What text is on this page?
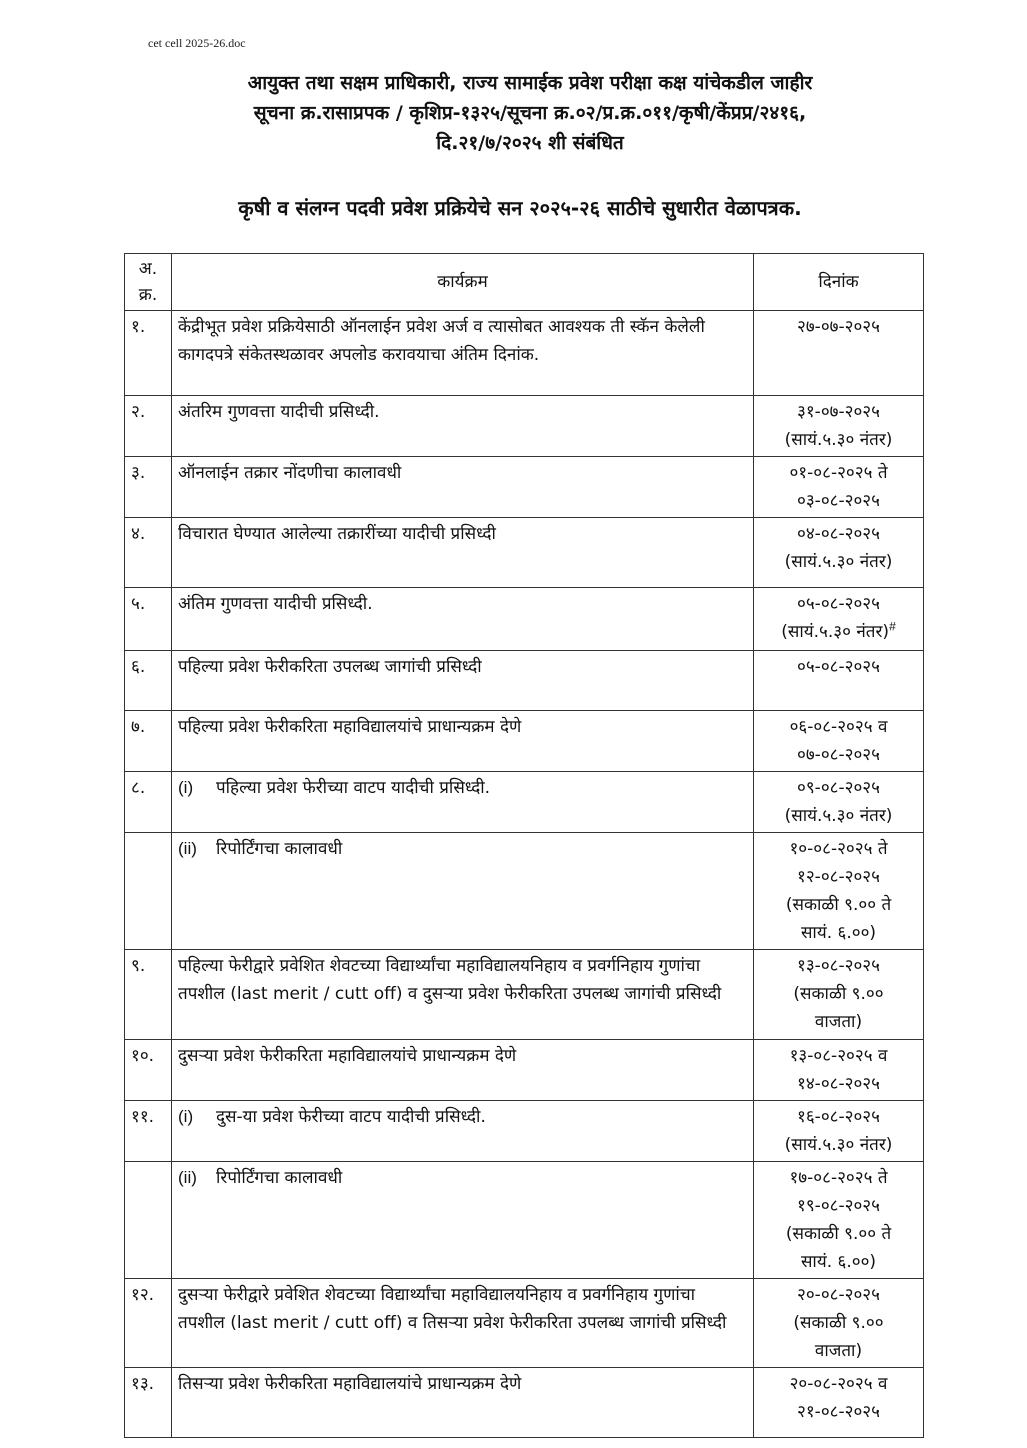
cet cell 2025-26.doc
आयुक्त तथा सक्षम प्राधिकारी, राज्य सामाईक प्रवेश परीक्षा कक्ष यांचेकडील जाहीर
सूचना क्र.रासाप्रपक / कृशिप्र-१३२५/सूचना क्र.०२/प्र.क्र.०११/कृषी/केंप्रप्र/२४१६,
दि.२१/७/२०२५ शी संबंधित
कृषी व संलग्न पदवी प्रवेश प्रक्रियेचे सन २०२५-२६ साठीचे सुधारीत वेळापत्रक.
अ.
क्र.	कार्यक्रम	दिनांक
१.	केंद्रीभूत प्रवेश प्रक्रियेसाठी ऑनलाईन प्रवेश अर्ज व त्यासोबत आवश्यक ती स्कॅन केलेली कागदपत्रे संकेतस्थळावर अपलोड करावयाचा अंतिम दिनांक.	२७-०७-२०२५

२.	अंतरिम गुणवत्ता यादीची प्रसिध्दी.	३१-०७-२०२५
(सायं.५.३० नंतर)

३.	ऑनलाईन तक्रार नोंदणीचा कालावधी	०१-०८-२०२५ ते
०३-०८-२०२५

४.	विचारात घेण्यात आलेल्या तक्रारींच्या यादीची प्रसिध्दी	०४-०८-२०२५
(सायं.५.३० नंतर)

५.	अंतिम गुणवत्ता यादीची प्रसिध्दी.	०५-०८-२०२५
(सायं.५.३० नंतर)#

६.	पहिल्या प्रवेश फेरीकरिता उपलब्ध जागांची प्रसिध्दी	०५-०८-२०२५

७.	पहिल्या प्रवेश फेरीकरिता महाविद्यालयांचे प्राधान्यक्रम देणे	०६-०८-२०२५ व
०७-०८-२०२५

८.	(i) पहिल्या प्रवेश फेरीच्या वाटप यादीची प्रसिध्दी.	०९-०८-२०२५
(सायं.५.३० नंतर)

	(ii) रिपोर्टिंगचा कालावधी	१०-०८-२०२५ ते
१२-०८-२०२५
(सकाळी ९.०० ते
सायं. ६.००)

९.	पहिल्या फेरीद्वारे प्रवेशित शेवटच्या विद्यार्थ्यांचा महाविद्यालयनिहाय व प्रवर्गनिहाय गुणांचा तपशील (last merit / cutt off) व दुसऱ्या प्रवेश फेरीकरिता उपलब्ध जागांची प्रसिध्दी	१३-०८-२०२५
(सकाळी ९.००
वाजता)

१०.	दुसऱ्या प्रवेश फेरीकरिता महाविद्यालयांचे प्राधान्यक्रम देणे	१३-०८-२०२५ व
१४-०८-२०२५

११.	(i) दुस-या प्रवेश फेरीच्या वाटप यादीची प्रसिध्दी.	१६-०८-२०२५
(सायं.५.३० नंतर)

	(ii) रिपोर्टिंगचा कालावधी	१७-०८-२०२५ ते
१९-०८-२०२५
(सकाळी ९.०० ते
सायं. ६.००)

१२.	दुसऱ्या फेरीद्वारे प्रवेशित शेवटच्या विद्यार्थ्यांचा महाविद्यालयनिहाय व प्रवर्गनिहाय गुणांचा तपशील (last merit / cutt off) व तिसऱ्या प्रवेश फेरीकरिता उपलब्ध जागांची प्रसिध्दी	२०-०८-२०२५
(सकाळी ९.००
वाजता)

१३.	तिसऱ्या प्रवेश फेरीकरिता महाविद्यालयांचे प्राधान्यक्रम देणे	२०-०८-२०२५ व
२१-०८-२०२५
